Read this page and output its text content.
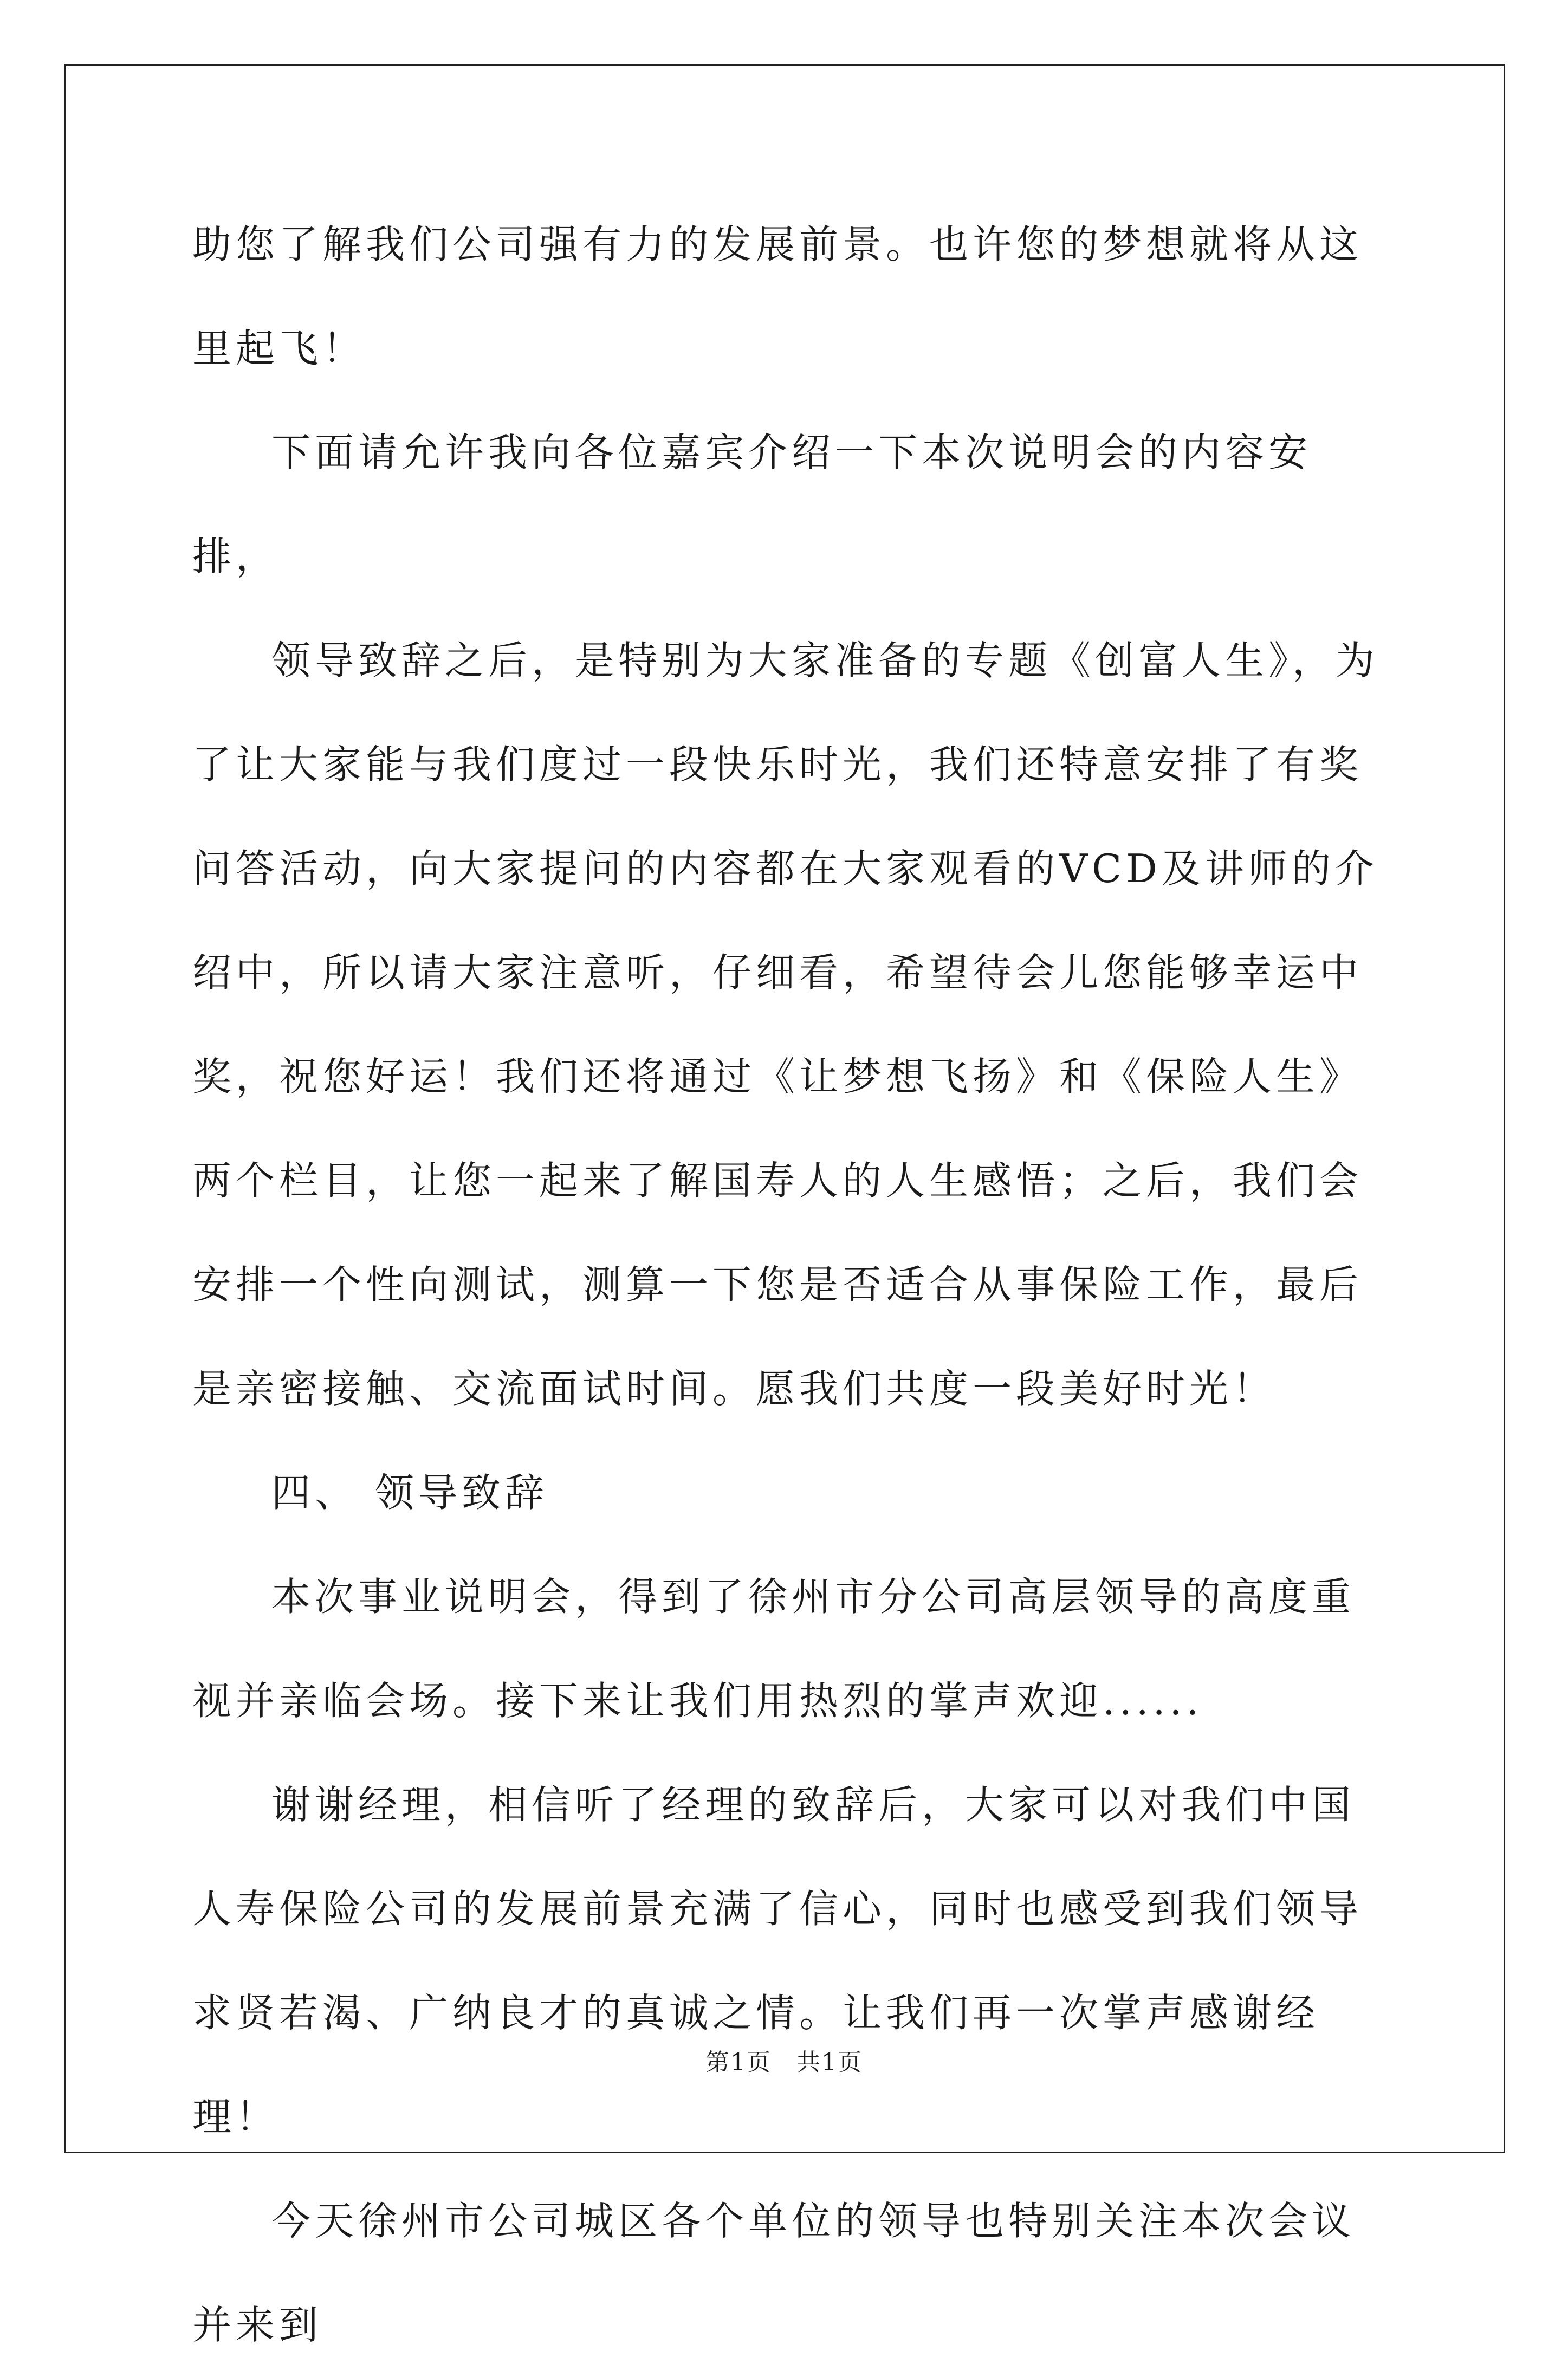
助您了解我们公司强有力的发展前景。也许您的梦想就将从这里起飞！

下面请允许我向各位嘉宾介绍一下本次说明会的内容安排，

领导致辞之后，是特别为大家准备的专题《创富人生》，为了让大家能与我们度过一段快乐时光，我们还特意安排了有奖问答活动，向大家提问的内容都在大家观看的VCD及讲师的介绍中，所以请大家注意听，仔细看，希望待会儿您能够幸运中奖，祝您好运！我们还将通过《让梦想飞扬》和《保险人生》两个栏目，让您一起来了解国寿人的人生感悟；之后，我们会安排一个性向测试，测算一下您是否适合从事保险工作，最后是亲密接触、交流面试时间。愿我们共度一段美好时光！

四、 领导致辞

本次事业说明会，得到了徐州市分公司高层领导的高度重视并亲临会场。接下来让我们用热烈的掌声欢迎......

谢谢经理，相信听了经理的致辞后，大家可以对我们中国人寿保险公司的发展前景充满了信心，同时也感受到我们领导求贤若渴、广纳良才的真诚之情。让我们再一次掌声感谢经理！

今天徐州市公司城区各个单位的领导也特别关注本次会议并来到

第1页　共1页
